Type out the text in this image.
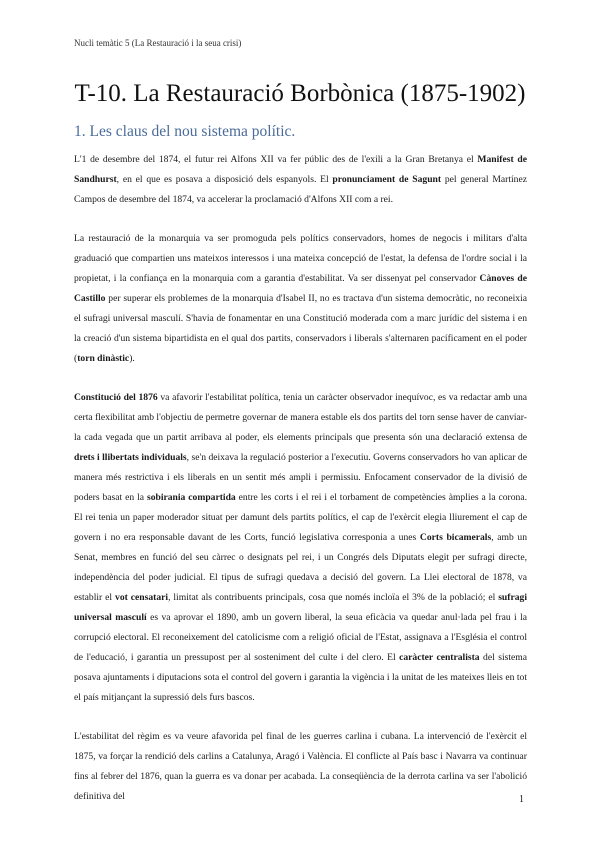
Nucli temàtic 5 (La Restauració i la seua crisi)
T-10. La Restauració Borbònica (1875-1902)
1. Les claus del nou sistema polític.

L'1 de desembre del 1874, el futur rei Alfons XII va fer públic des de l'exili a la Gran Bretanya el Manifest de Sandhurst, en el que es posava a disposició dels espanyols. El pronunciament de Sagunt pel general Martínez Campos de desembre del 1874, va accelerar la proclamació d'Alfons XII com a rei.

La restauració de la monarquia va ser promoguda pels polítics conservadors, homes de negocis i militars d'alta graduació que compartien uns mateixos interessos i una mateixa concepció de l'estat, la defensa de l'ordre social i la propietat, i la confiança en la monarquia com a garantia d'estabilitat. Va ser dissenyat pel conservador Cànoves de Castillo per superar els problemes de la monarquia d'Isabel II, no es tractava d'un sistema democràtic, no reconeixia el sufragi universal masculí. S'havia de fonamentar en una Constitució moderada com a marc jurídic del sistema i en la creació d'un sistema bipartidista en el qual dos partits, conservadors i liberals s'alternaren pacíficament en el poder (torn dinàstic).

Constitució del 1876 va afavorir l'estabilitat política, tenia un caràcter observador inequívoc, es va redactar amb una certa flexibilitat amb l'objectiu de permetre governar de manera estable els dos partits del torn sense haver de canviar-la cada vegada que un partit arribava al poder, els elements principals que presenta són una declaració extensa de drets i llibertats individuals, se'n deixava la regulació posterior a l'executiu. Governs conservadors ho van aplicar de manera més restrictiva i els liberals en un sentit més ampli i permissiu. Enfocament conservador de la divisió de poders basat en la sobirania compartida entre les corts i el rei i el torbament de competències àmplies a la corona. El rei tenia un paper moderador situat per damunt dels partits polítics, el cap de l'exèrcit elegia lliurement el cap de govern i no era responsable davant de les Corts, funció legislativa corresponia a unes Corts bicamerals, amb un Senat, membres en funció del seu càrrec o designats pel rei, i un Congrés dels Diputats elegit per sufragi directe, independència del poder judicial. El tipus de sufragi quedava a decisió del govern. La Llei electoral de 1878, va establir el vot censatari, limitat als contribuents principals, cosa que només incloïa el 3% de la població; el sufragi universal masculí es va aprovar el 1890, amb un govern liberal, la seua eficàcia va quedar anul·lada pel frau i la corrupció electoral. El reconeixement del catolicisme com a religió oficial de l'Estat, assignava a l'Església el control de l'educació, i garantia un pressupost per al sosteniment del culte i del clero. El caràcter centralista del sistema posava ajuntaments i diputacions sota el control del govern i garantia la vigència i la unitat de les mateixes lleis en tot el país mitjançant la supressió dels furs bascos.

L'estabilitat del règim es va veure afavorida pel final de les guerres carlina i cubana. La intervenció de l'exèrcit el 1875, va forçar la rendició dels carlins a Catalunya, Aragó i València. El conflicte al País basc i Navarra va continuar fins al febrer del 1876, quan la guerra es va donar per acabada. La conseqüència de la derrota carlina va ser l'abolició definitiva del	1
